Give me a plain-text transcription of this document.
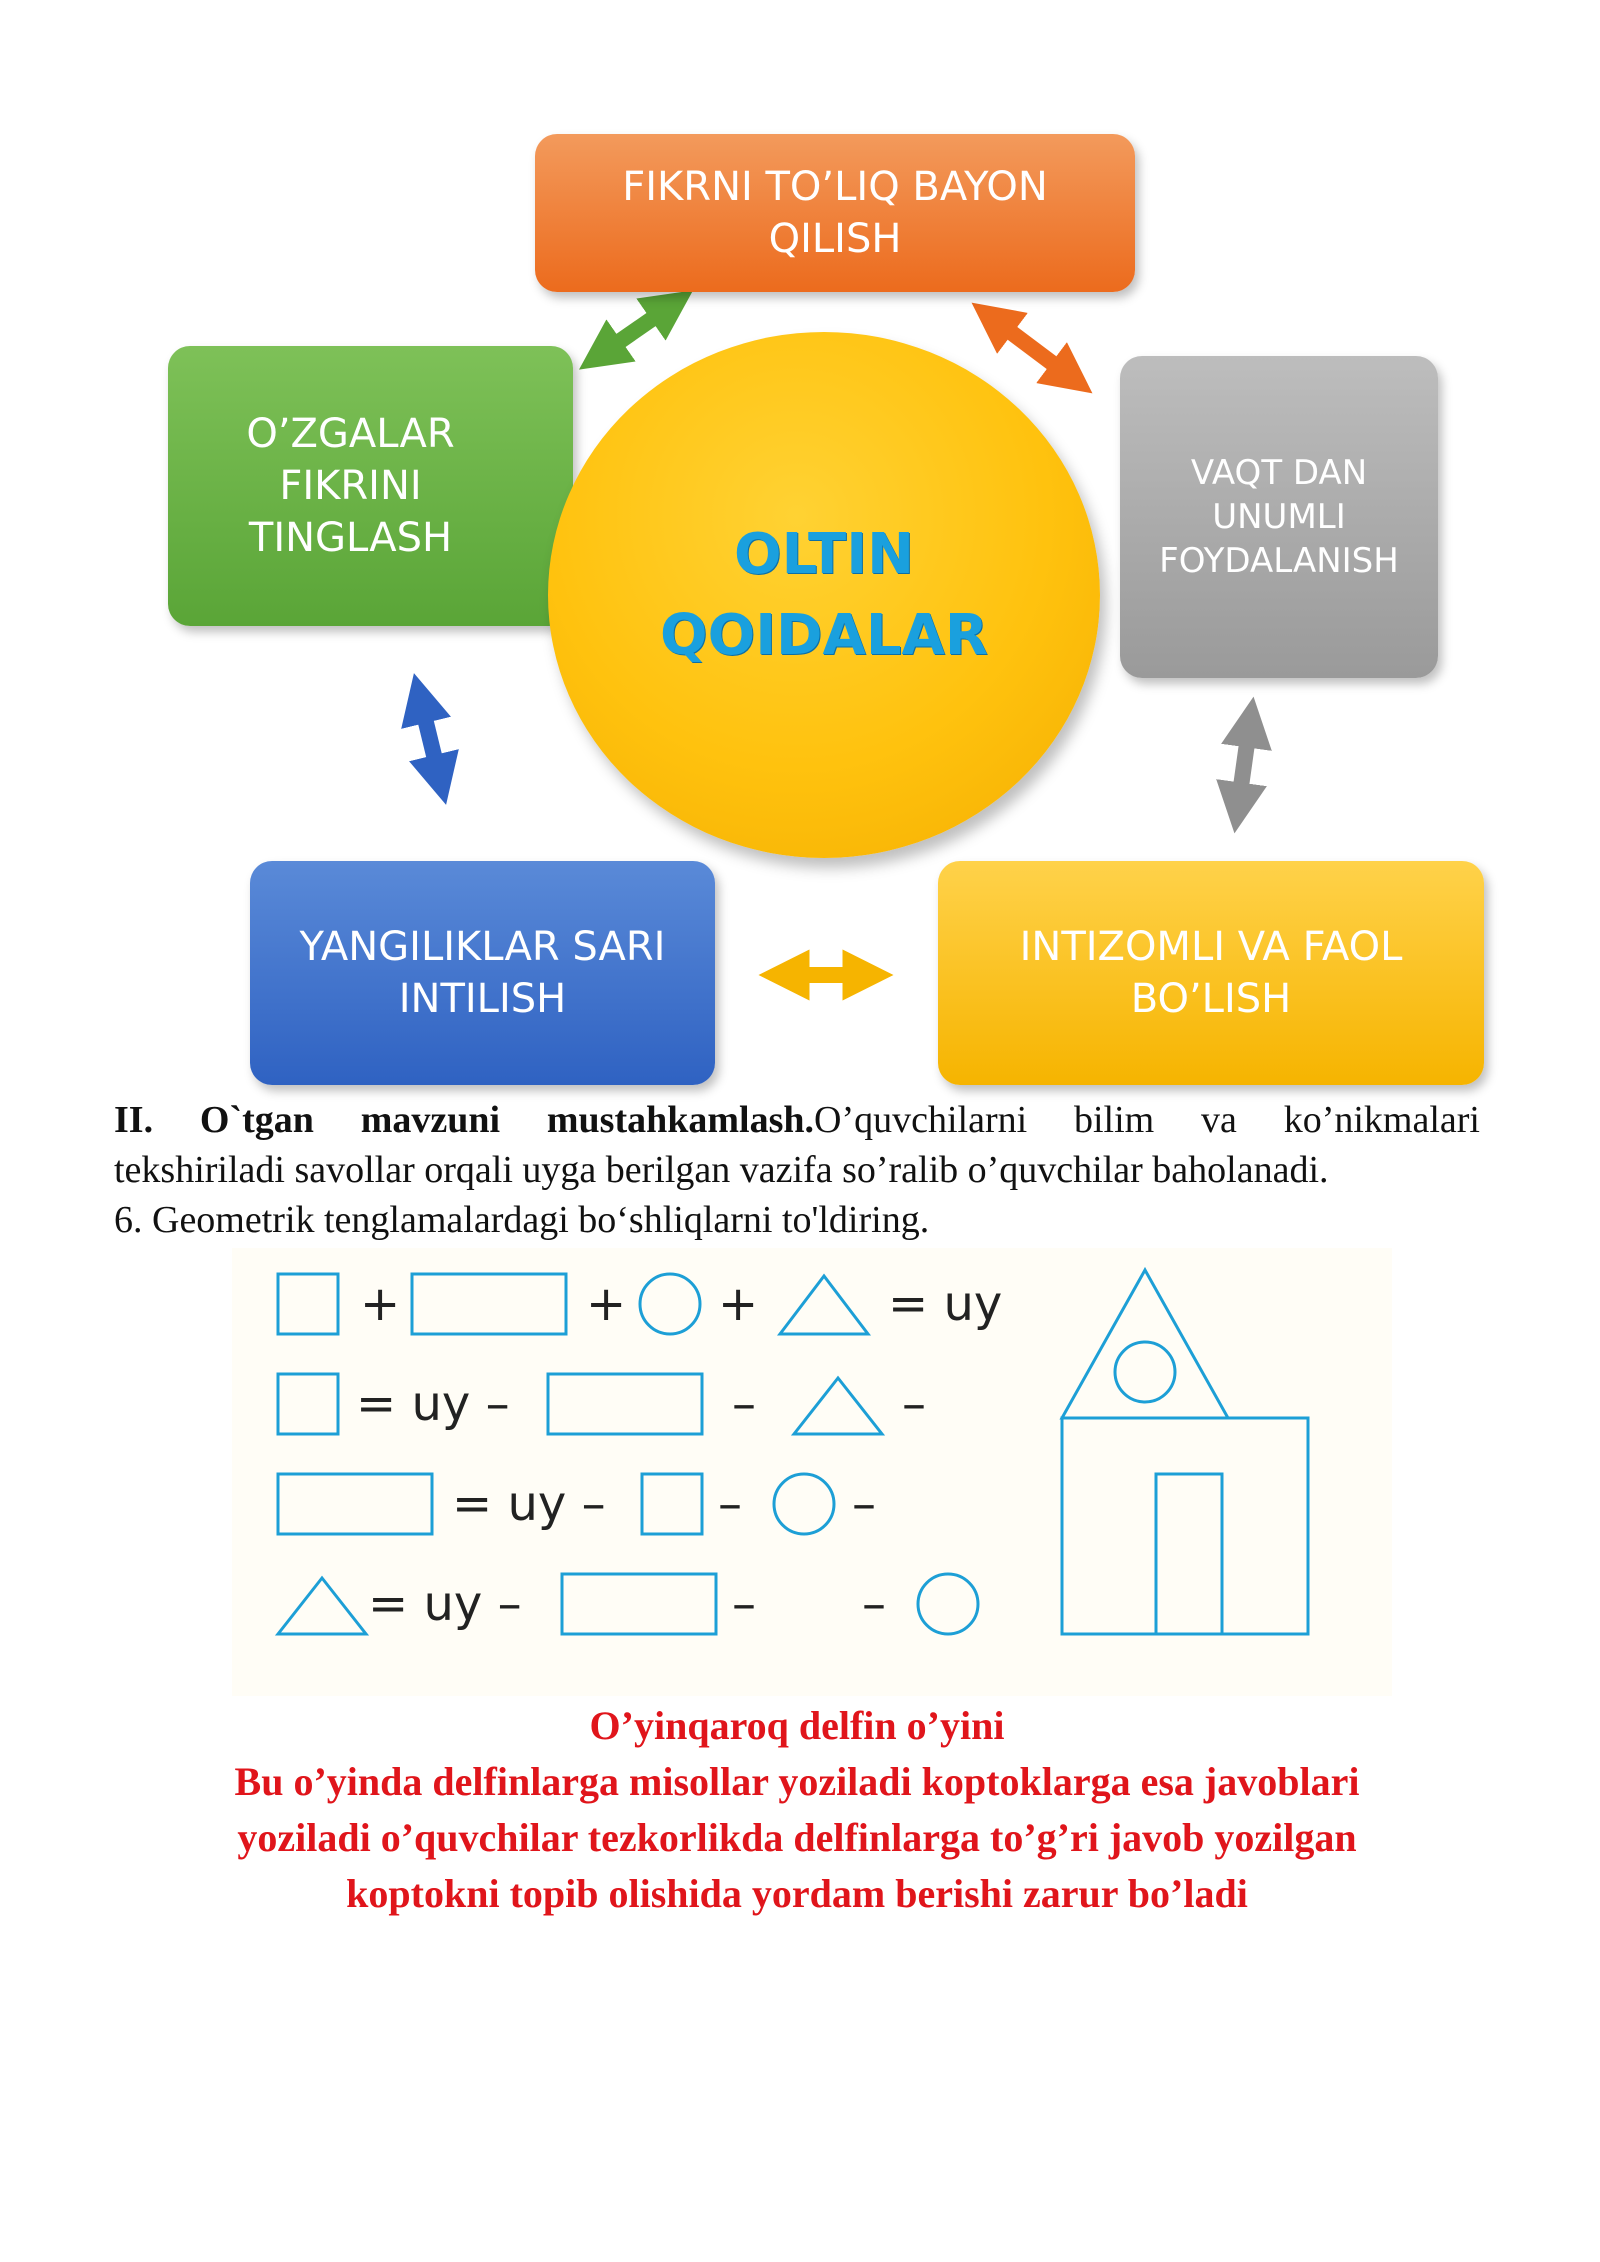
FIKRNI TO’LIQ BAYON
QILISH
O’ZGALAR
FIKRINI
TINGLASH
VAQT DAN
UNUMLI
FOYDALANISH
YANGILIKLAR SARI
INTILISH
INTIZOMLI VA FAOL
BO’LISH
OLTIN
QOIDALAR
II. O`tgan mavzuni mustahkamlash.O’quvchilarni bilim va ko’nikmalari
tekshiriladi savollar orqali uyga berilgan vazifa so’ralib o’quvchilar baholanadi.
6. Geometrik tenglamalardagi bo‘shliqlarni to'ldiring.
+	+ +	= uy
= uy –	–	–
= uy – – –
= uy –	– –
O’yinqaroq delfin o’yini
Bu o’yinda delfinlarga misollar yoziladi koptoklarga esa javoblari
yoziladi o’quvchilar tezkorlikda delfinlarga to’g’ri javob yozilgan
koptokni topib olishida yordam berishi zarur bo’ladi
